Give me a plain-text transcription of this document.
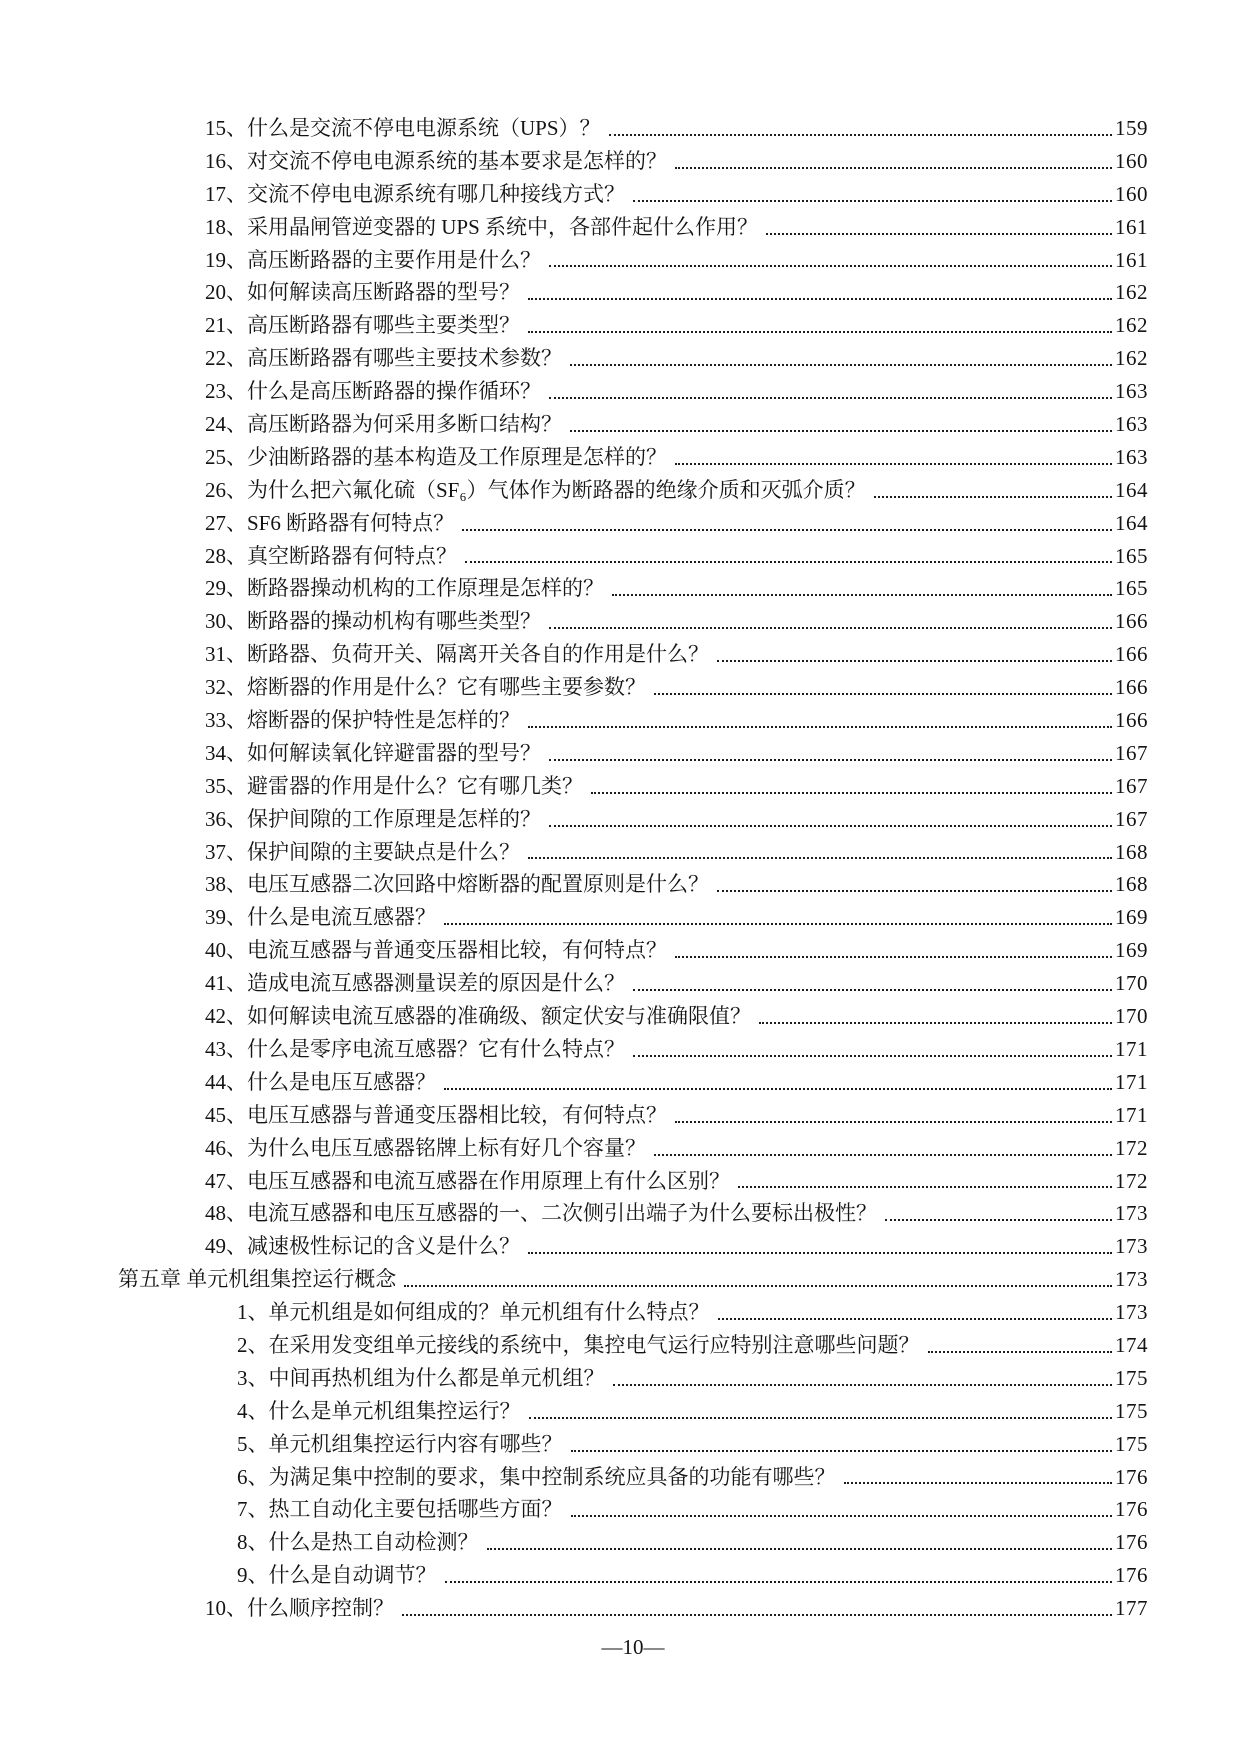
15、什么是交流不停电电源系统（UPS）？	159
16、对交流不停电电源系统的基本要求是怎样的？	160
17、交流不停电电源系统有哪几种接线方式？	160
18、采用晶闸管逆变器的 UPS 系统中，各部件起什么作用？	161
19、高压断路器的主要作用是什么？	161
20、如何解读高压断路器的型号？	162
21、高压断路器有哪些主要类型？	162
22、高压断路器有哪些主要技术参数？	162
23、什么是高压断路器的操作循环？	163
24、高压断路器为何采用多断口结构？	163
25、少油断路器的基本构造及工作原理是怎样的？	163
26、为什么把六氟化硫（SF₆）气体作为断路器的绝缘介质和灭弧介质？	164
27、SF6 断路器有何特点？	164
28、真空断路器有何特点？	165
29、断路器操动机构的工作原理是怎样的？	165
30、断路器的操动机构有哪些类型？	166
31、断路器、负荷开关、隔离开关各自的作用是什么？	166
32、熔断器的作用是什么？它有哪些主要参数？	166
33、熔断器的保护特性是怎样的？	166
34、如何解读氧化锌避雷器的型号？	167
35、避雷器的作用是什么？它有哪几类？	167
36、保护间隙的工作原理是怎样的？	167
37、保护间隙的主要缺点是什么？	168
38、电压互感器二次回路中熔断器的配置原则是什么？	168
39、什么是电流互感器？	169
40、电流互感器与普通变压器相比较，有何特点？	169
41、造成电流互感器测量误差的原因是什么？	170
42、如何解读电流互感器的准确级、额定伏安与准确限值？	170
43、什么是零序电流互感器？它有什么特点？	171
44、什么是电压互感器？	171
45、电压互感器与普通变压器相比较，有何特点？	171
46、为什么电压互感器铭牌上标有好几个容量？	172
47、电压互感器和电流互感器在作用原理上有什么区别？	172
48、电流互感器和电压互感器的一、二次侧引出端子为什么要标出极性？	173
49、减速极性标记的含义是什么？	173
第五章 单元机组集控运行概念	173
1、单元机组是如何组成的？单元机组有什么特点？	173
2、在采用发变组单元接线的系统中，集控电气运行应特别注意哪些问题？	174
3、中间再热机组为什么都是单元机组？	175
4、什么是单元机组集控运行？	175
5、单元机组集控运行内容有哪些？	175
6、为满足集中控制的要求，集中控制系统应具备的功能有哪些？	176
7、热工自动化主要包括哪些方面？	176
8、什么是热工自动检测？	176
9、什么是自动调节？	176
10、什么顺序控制？	177
—10—
